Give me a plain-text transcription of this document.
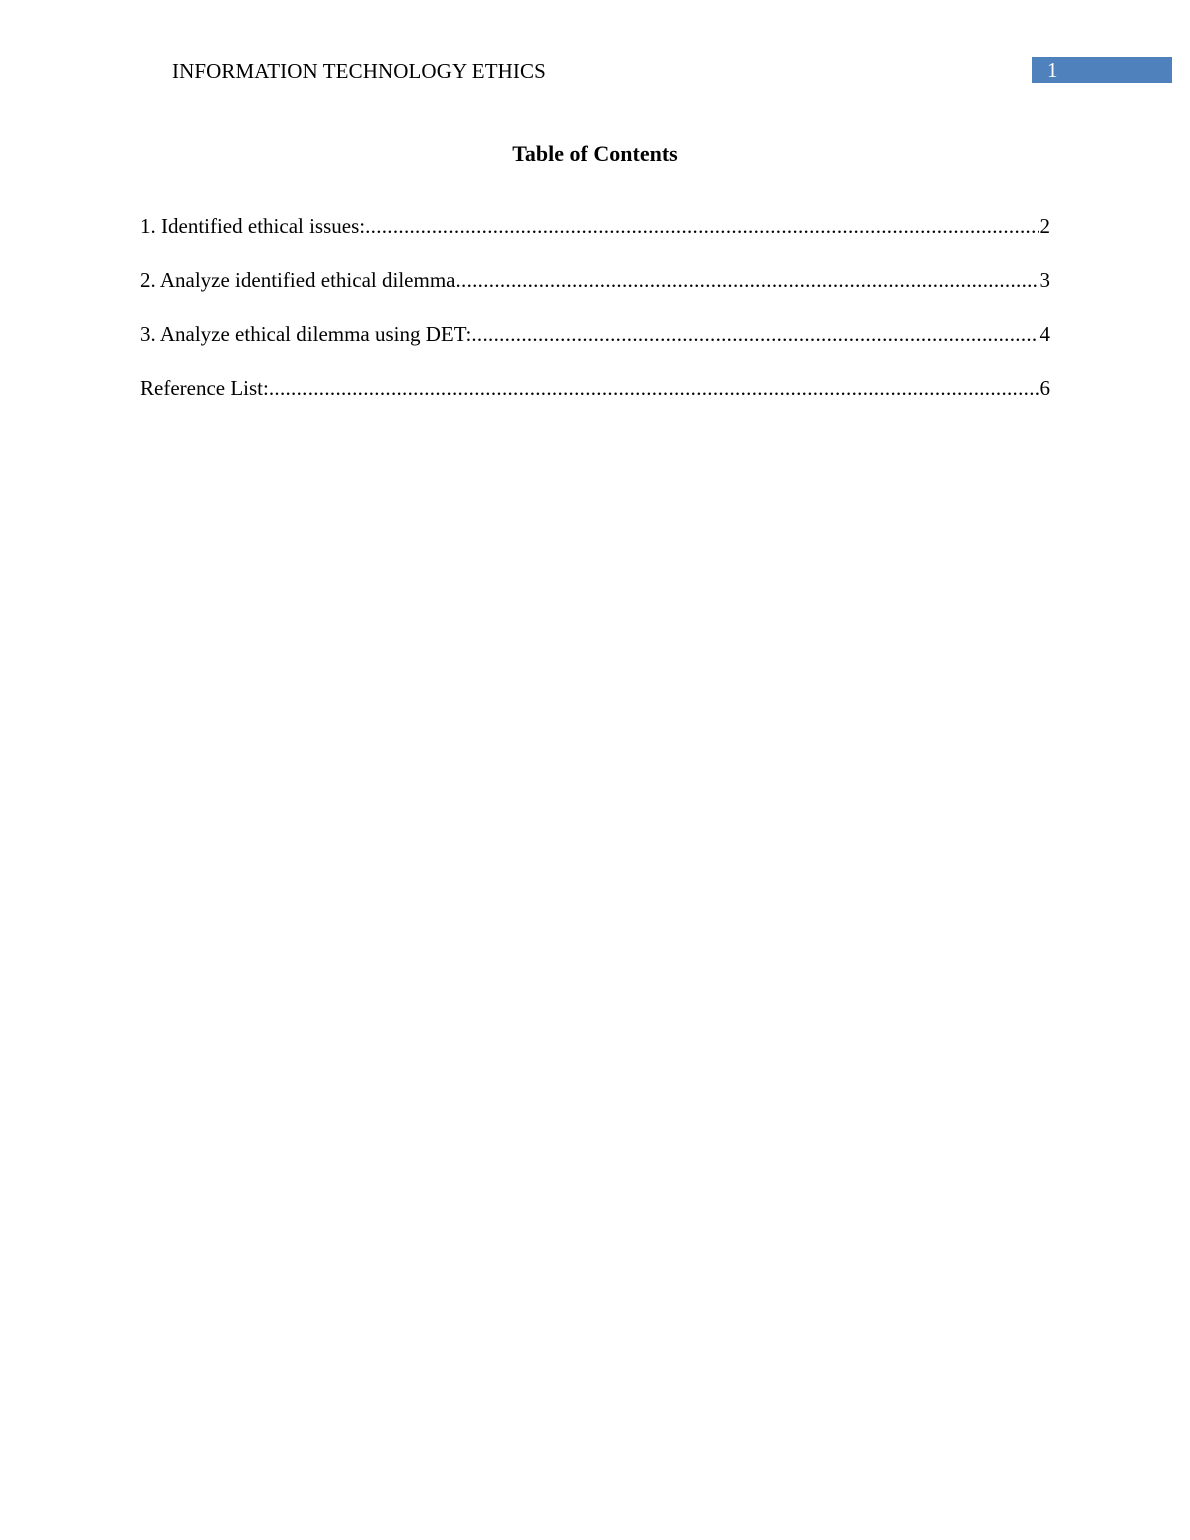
INFORMATION TECHNOLOGY ETHICS	1
Table of Contents
1. Identified ethical issues: .....	2
2. Analyze identified ethical dilemma .....	3
3. Analyze ethical dilemma using DET: .....	4
Reference List: .....	6
